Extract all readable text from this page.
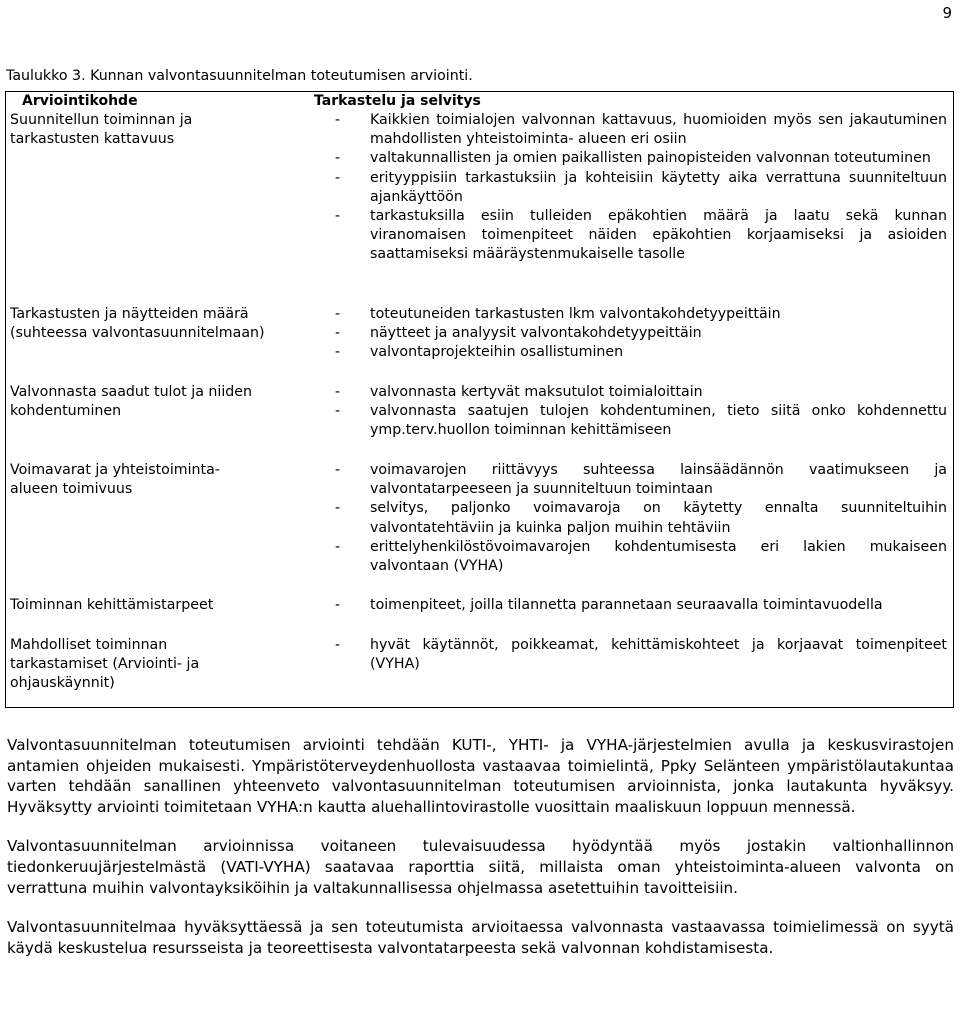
9
Taulukko 3. Kunnan valvontasuunnitelman toteutumisen arviointi.
Arviointikohde	Tarkastelu ja selvitys
Suunnitellun toiminnan ja
tarkastusten kattavuus
- Kaikkien toimialojen valvonnan kattavuus, huomioiden myös sen jakautuminen mahdollisten yhteistoiminta- alueen eri osiin
- valtakunnallisten ja omien paikallisten painopisteiden valvonnan toteutuminen
- erityyppisiin tarkastuksiin ja kohteisiin käytetty aika verrattuna suunniteltuun ajankäyttöön
- tarkastuksilla esiin tulleiden epäkohtien määrä ja laatu sekä kunnan viranomaisen toimenpiteet näiden epäkohtien korjaamiseksi ja asioiden saattamiseksi määräystenmukaiselle tasolle
Tarkastusten ja näytteiden määrä
(suhteessa valvontasuunnitelmaan)
- toteutuneiden tarkastusten lkm valvontakohdetyypeittäin
- näytteet ja analyysit valvontakohdetyypeittäin
- valvontaprojekteihin osallistuminen
Valvonnasta saadut tulot ja niiden
kohdentuminen
- valvonnasta kertyvät maksutulot toimialoittain
- valvonnasta saatujen tulojen kohdentuminen, tieto siitä onko kohdennettu ymp.terv.huollon toiminnan kehittämiseen
Voimavarat ja yhteistoiminta-
alueen toimivuus
- voimavarojen riittävyys suhteessa lainsäädännön vaatimukseen ja valvontatarpeeseen ja suunniteltuun toimintaan
- selvitys, paljonko voimavaroja on käytetty ennalta suunniteltuihin valvontatehtäviin ja kuinka paljon muihin tehtäviin
- erittelyhenkilöstövoimavarojen kohdentumisesta eri lakien mukaiseen valvontaan (VYHA)
Toiminnan kehittämistarpeet	- toimenpiteet, joilla tilannetta parannetaan seuraavalla toimintavuodella
Mahdolliset toiminnan
tarkastamiset (Arviointi- ja
ohjauskäynnit)
- hyvät käytännöt, poikkeamat, kehittämiskohteet ja korjaavat toimenpiteet (VYHA)

Valvontasuunnitelman toteutumisen arviointi tehdään KUTI-, YHTI- ja VYHA-järjestelmien avulla ja keskusvirastojen antamien ohjeiden mukaisesti. Ympäristöterveydenhuollosta vastaavaa toimielintä, Ppky Selänteen ympäristölautakuntaa varten tehdään sanallinen yhteenveto valvontasuunnitelman toteutumisen arvioinnista, jonka lautakunta hyväksyy. Hyväksytty arviointi toimitetaan VYHA:n kautta aluehallintovirastolle vuosittain maaliskuun loppuun mennessä.

Valvontasuunnitelman arvioinnissa voitaneen tulevaisuudessa hyödyntää myös jostakin valtionhallinnon tiedonkeruujärjestelmästä (VATI-VYHA) saatavaa raporttia siitä, millaista oman yhteistoiminta-alueen valvonta on verrattuna muihin valvontayksiköihin ja valtakunnallisessa ohjelmassa asetettuihin tavoitteisiin.

Valvontasuunnitelmaa hyväksyttäessä ja sen toteutumista arvioitaessa valvonnasta vastaavassa toimielimessä on syytä käydä keskustelua resursseista ja teoreettisesta valvontatarpeesta sekä valvonnan kohdistamisesta.
